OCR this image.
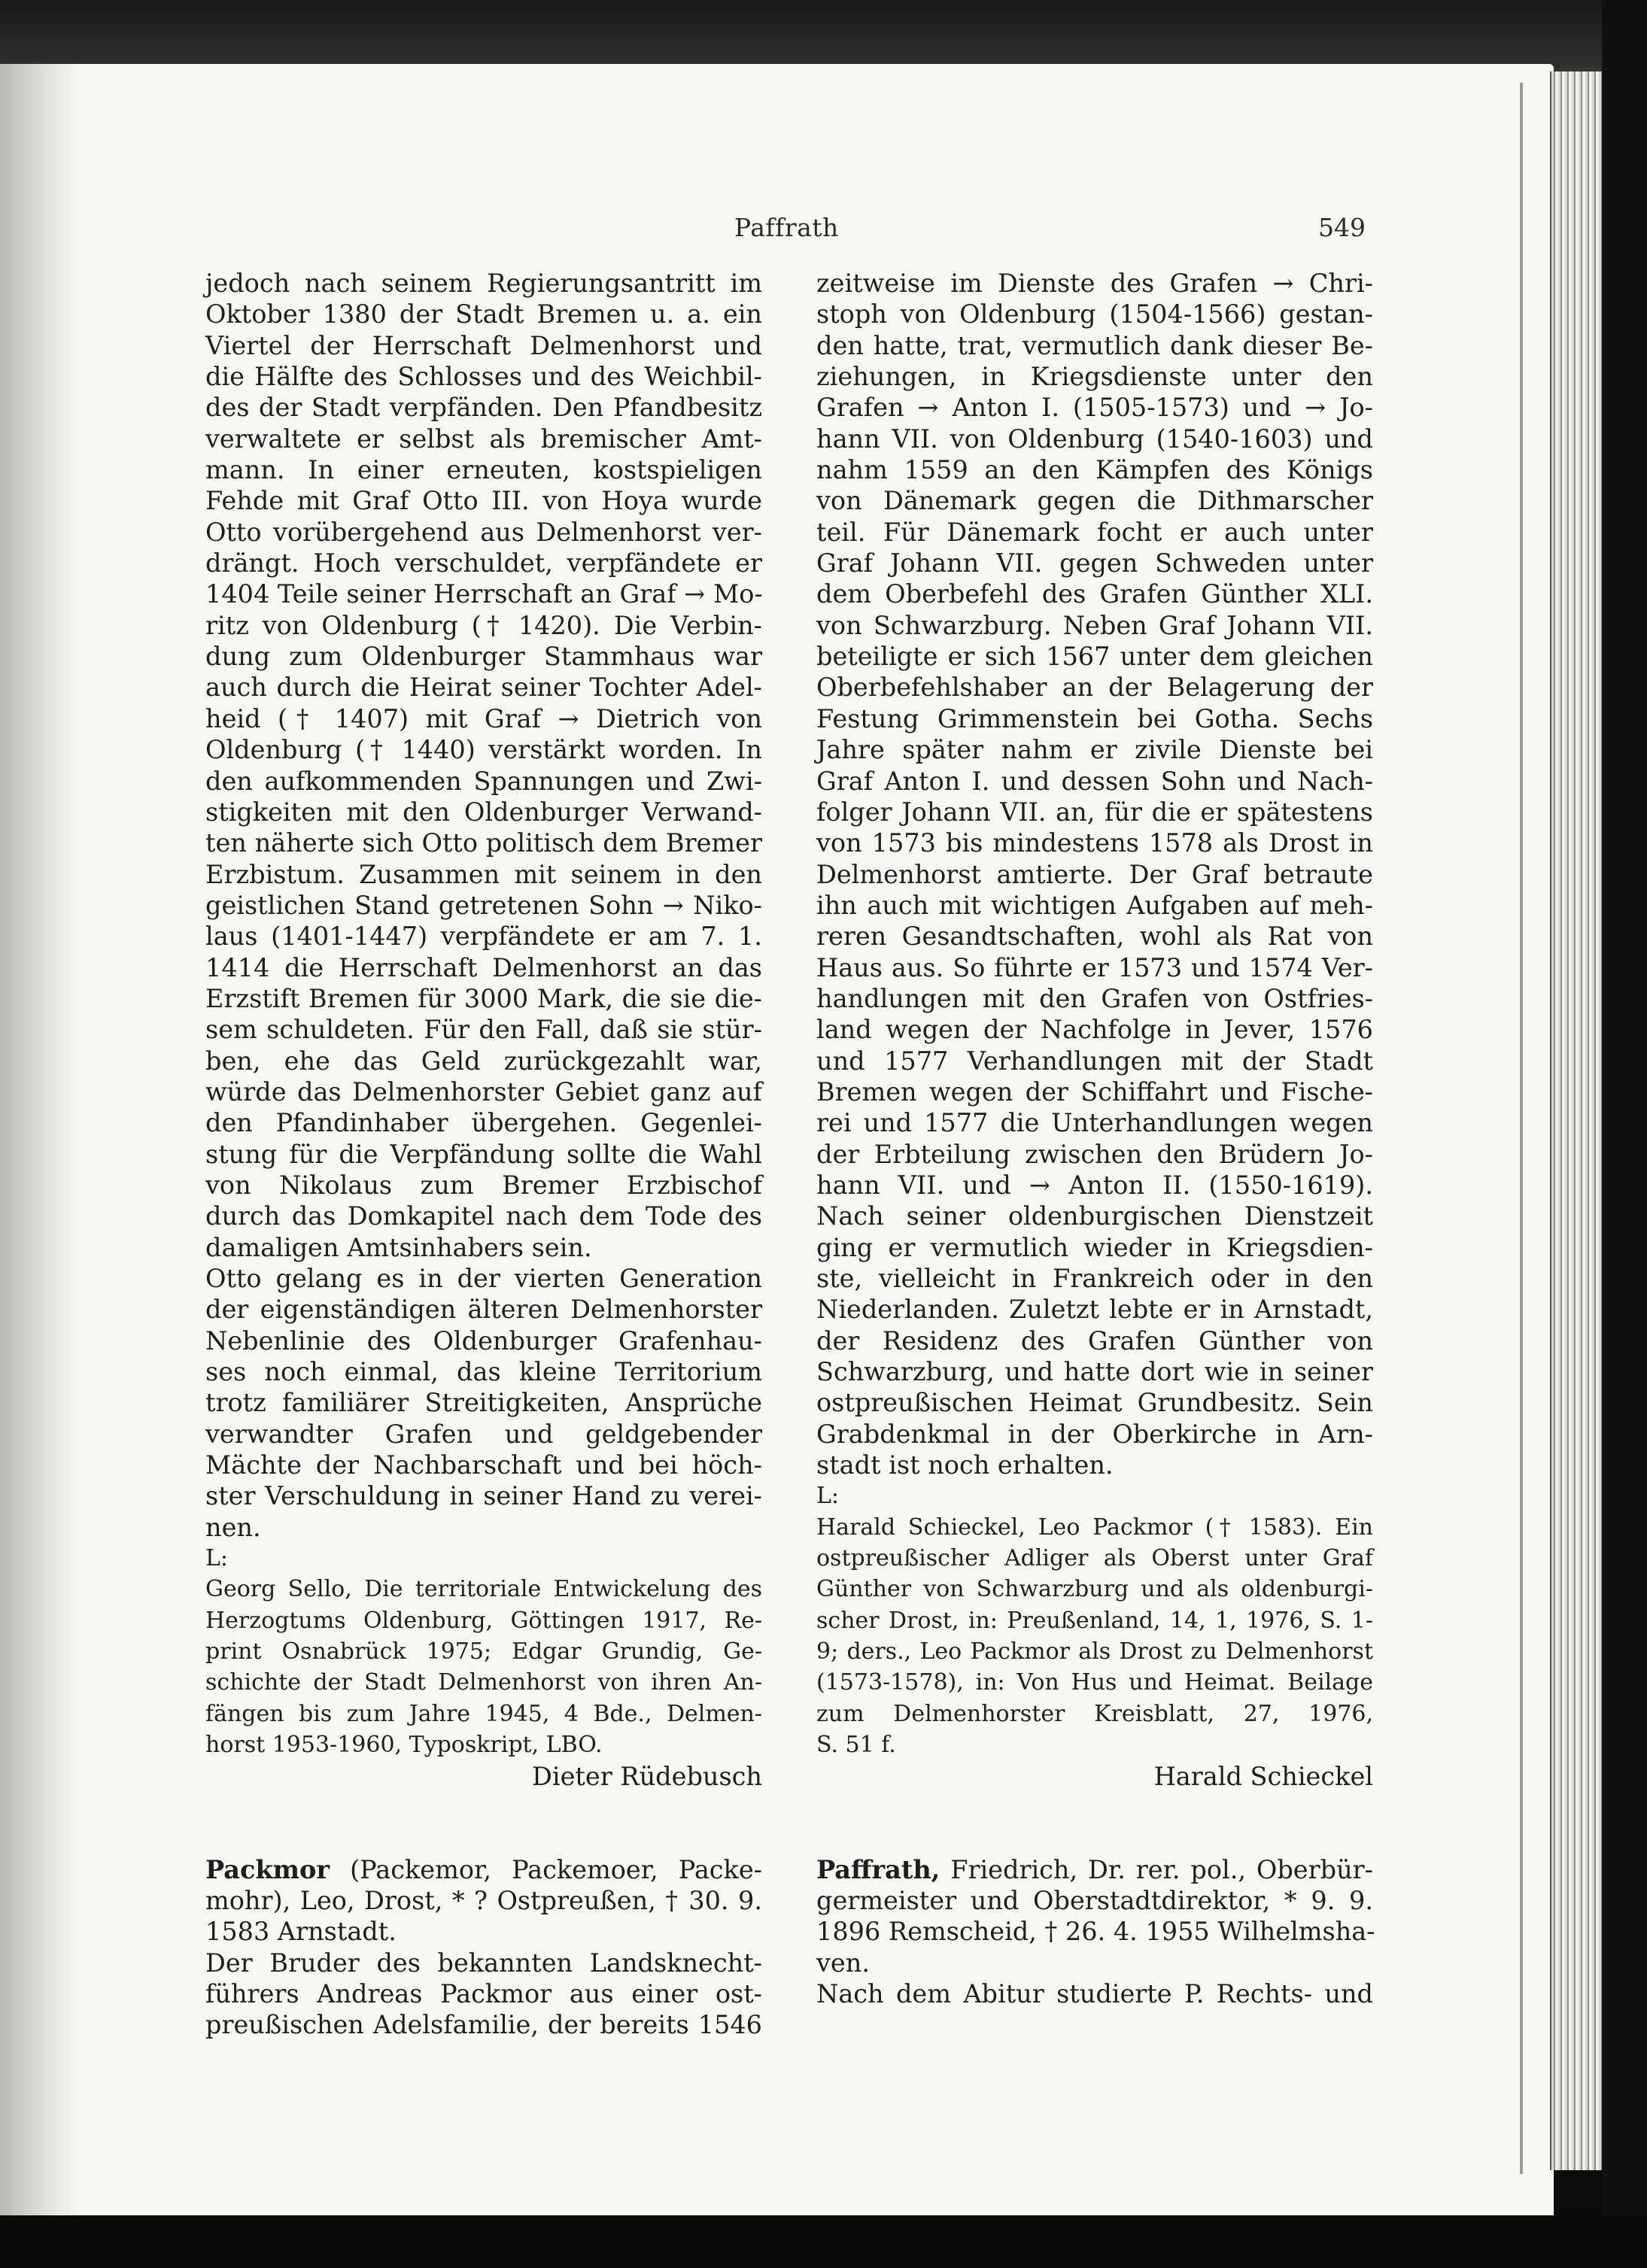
Paffrath	549
jedoch nach seinem Regierungsantritt im
Oktober 1380 der Stadt Bremen u. a. ein
Viertel der Herrschaft Delmenhorst und
die Hälfte des Schlosses und des Weichbil-
des der Stadt verpfänden. Den Pfandbesitz
verwaltete er selbst als bremischer Amt-
mann. In einer erneuten, kostspieligen
Fehde mit Graf Otto III. von Hoya wurde
Otto vorübergehend aus Delmenhorst ver-
drängt. Hoch verschuldet, verpfändete er
1404 Teile seiner Herrschaft an Graf → Mo-
ritz von Oldenburg († 1420). Die Verbin-
dung zum Oldenburger Stammhaus war
auch durch die Heirat seiner Tochter Adel-
heid († 1407) mit Graf → Dietrich von
Oldenburg († 1440) verstärkt worden. In
den aufkommenden Spannungen und Zwi-
stigkeiten mit den Oldenburger Verwand-
ten näherte sich Otto politisch dem Bremer
Erzbistum. Zusammen mit seinem in den
geistlichen Stand getretenen Sohn → Niko-
laus (1401-1447) verpfändete er am 7. 1.
1414 die Herrschaft Delmenhorst an das
Erzstift Bremen für 3000 Mark, die sie die-
sem schuldeten. Für den Fall, daß sie stür-
ben, ehe das Geld zurückgezahlt war,
würde das Delmenhorster Gebiet ganz auf
den Pfandinhaber übergehen. Gegenlei-
stung für die Verpfändung sollte die Wahl
von Nikolaus zum Bremer Erzbischof
durch das Domkapitel nach dem Tode des
damaligen Amtsinhabers sein.
Otto gelang es in der vierten Generation
der eigenständigen älteren Delmenhorster
Nebenlinie des Oldenburger Grafenhau-
ses noch einmal, das kleine Territorium
trotz familiärer Streitigkeiten, Ansprüche
verwandter Grafen und geldgebender
Mächte der Nachbarschaft und bei höch-
ster Verschuldung in seiner Hand zu verei-
nen.
L:
Georg Sello, Die territoriale Entwickelung des
Herzogtums Oldenburg, Göttingen 1917, Re-
print Osnabrück 1975; Edgar Grundig, Ge-
schichte der Stadt Delmenhorst von ihren An-
fängen bis zum Jahre 1945, 4 Bde., Delmen-
horst 1953-1960, Typoskript, LBO.
Dieter Rüdebusch
Packmor (Packemor, Packemoer, Packe-
mohr), Leo, Drost, * ? Ostpreußen, † 30. 9.
1583 Arnstadt.
Der Bruder des bekannten Landsknecht-
führers Andreas Packmor aus einer ost-
preußischen Adelsfamilie, der bereits 1546
zeitweise im Dienste des Grafen → Chri-
stoph von Oldenburg (1504-1566) gestan-
den hatte, trat, vermutlich dank dieser Be-
ziehungen, in Kriegsdienste unter den
Grafen → Anton I. (1505-1573) und → Jo-
hann VII. von Oldenburg (1540-1603) und
nahm 1559 an den Kämpfen des Königs
von Dänemark gegen die Dithmarscher
teil. Für Dänemark focht er auch unter
Graf Johann VII. gegen Schweden unter
dem Oberbefehl des Grafen Günther XLI.
von Schwarzburg. Neben Graf Johann VII.
beteiligte er sich 1567 unter dem gleichen
Oberbefehlshaber an der Belagerung der
Festung Grimmenstein bei Gotha. Sechs
Jahre später nahm er zivile Dienste bei
Graf Anton I. und dessen Sohn und Nach-
folger Johann VII. an, für die er spätestens
von 1573 bis mindestens 1578 als Drost in
Delmenhorst amtierte. Der Graf betraute
ihn auch mit wichtigen Aufgaben auf meh-
reren Gesandtschaften, wohl als Rat von
Haus aus. So führte er 1573 und 1574 Ver-
handlungen mit den Grafen von Ostfries-
land wegen der Nachfolge in Jever, 1576
und 1577 Verhandlungen mit der Stadt
Bremen wegen der Schiffahrt und Fische-
rei und 1577 die Unterhandlungen wegen
der Erbteilung zwischen den Brüdern Jo-
hann VII. und → Anton II. (1550-1619).
Nach seiner oldenburgischen Dienstzeit
ging er vermutlich wieder in Kriegsdien-
ste, vielleicht in Frankreich oder in den
Niederlanden. Zuletzt lebte er in Arnstadt,
der Residenz des Grafen Günther von
Schwarzburg, und hatte dort wie in seiner
ostpreußischen Heimat Grundbesitz. Sein
Grabdenkmal in der Oberkirche in Arn-
stadt ist noch erhalten.
L:
Harald Schieckel, Leo Packmor († 1583). Ein
ostpreußischer Adliger als Oberst unter Graf
Günther von Schwarzburg und als oldenburgi-
scher Drost, in: Preußenland, 14, 1, 1976, S. 1-
9; ders., Leo Packmor als Drost zu Delmenhorst
(1573-1578), in: Von Hus und Heimat. Beilage
zum Delmenhorster Kreisblatt, 27, 1976,
S. 51 f.
Harald Schieckel
Paffrath, Friedrich, Dr. rer. pol., Oberbür-
germeister und Oberstadtdirektor, * 9. 9.
1896 Remscheid, † 26. 4. 1955 Wilhelmsha-
ven.
Nach dem Abitur studierte P. Rechts- und
